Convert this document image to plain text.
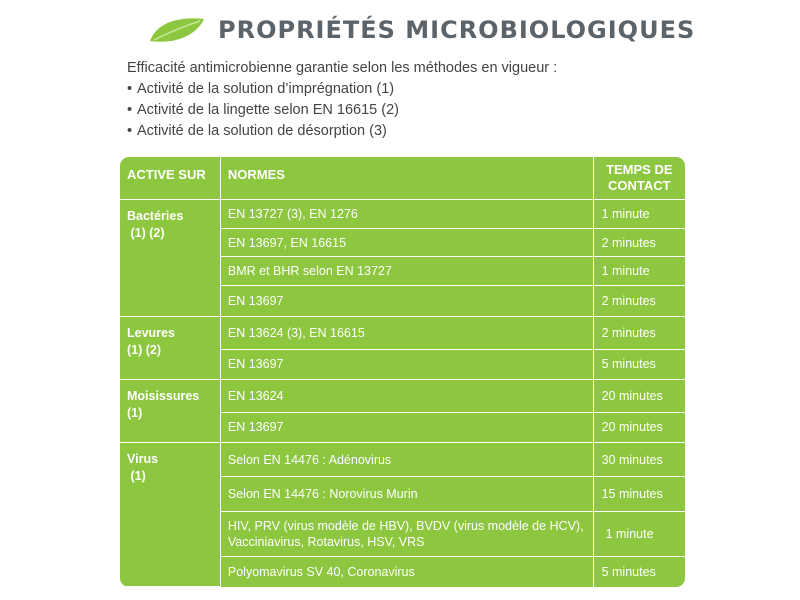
PROPRIÉTÉS MICROBIOLOGIQUES
Efficacité antimicrobienne garantie selon les méthodes en vigueur :
• Activité de la solution d’imprégnation (1)
• Activité de la lingette selon EN 16615 (2)
• Activité de la solution de désorption (3)
ACTIVE SUR	NORMES	TEMPS DE
CONTACT
Bactéries
(1) (2)	EN 13727 (3), EN 1276	1 minute
	EN 13697, EN 16615	2 minutes
	BMR et BHR selon EN 13727	1 minute
	EN 13697	2 minutes
Levures
(1) (2)	EN 13624 (3), EN 16615	2 minutes
	EN 13697	5 minutes
Moisissures
(1)	EN 13624	20 minutes
	EN 13697	20 minutes
Virus
(1)	Selon EN 14476 : Adénovirus	30 minutes
	Selon EN 14476 : Norovirus Murin	15 minutes
	HIV, PRV (virus modèle de HBV), BVDV (virus modèle de HCV), Vacciniavirus, Rotavirus, HSV, VRS	1 minute
	Polyomavirus SV 40, Coronavirus	5 minutes
